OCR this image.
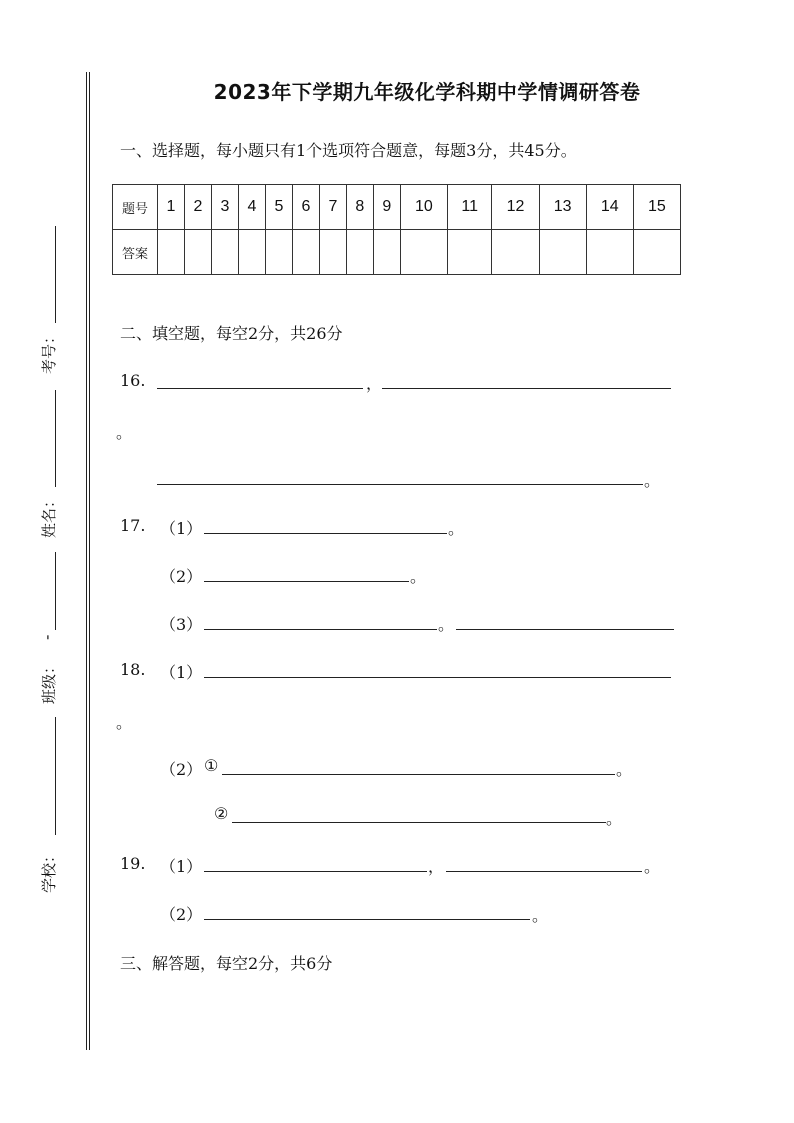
考号：
姓名：
-
班级：
学校：
2023年下学期九年级化学科期中学情调研答卷
一、选择题，每小题只有1个选项符合题意，每题3分，共45分。
题号	1	2	3	4	5	6	7	8	9	10	11	12	13	14	15
答案															
二、填空题，每空2分，共26分
16.	，
。
。
17. （1）	。
（2）	。
（3）	。
18. （1）
。
（2） ①	。
②	。
19. （1）	，	。
（2）	。
三、解答题，每空2分，共6分
